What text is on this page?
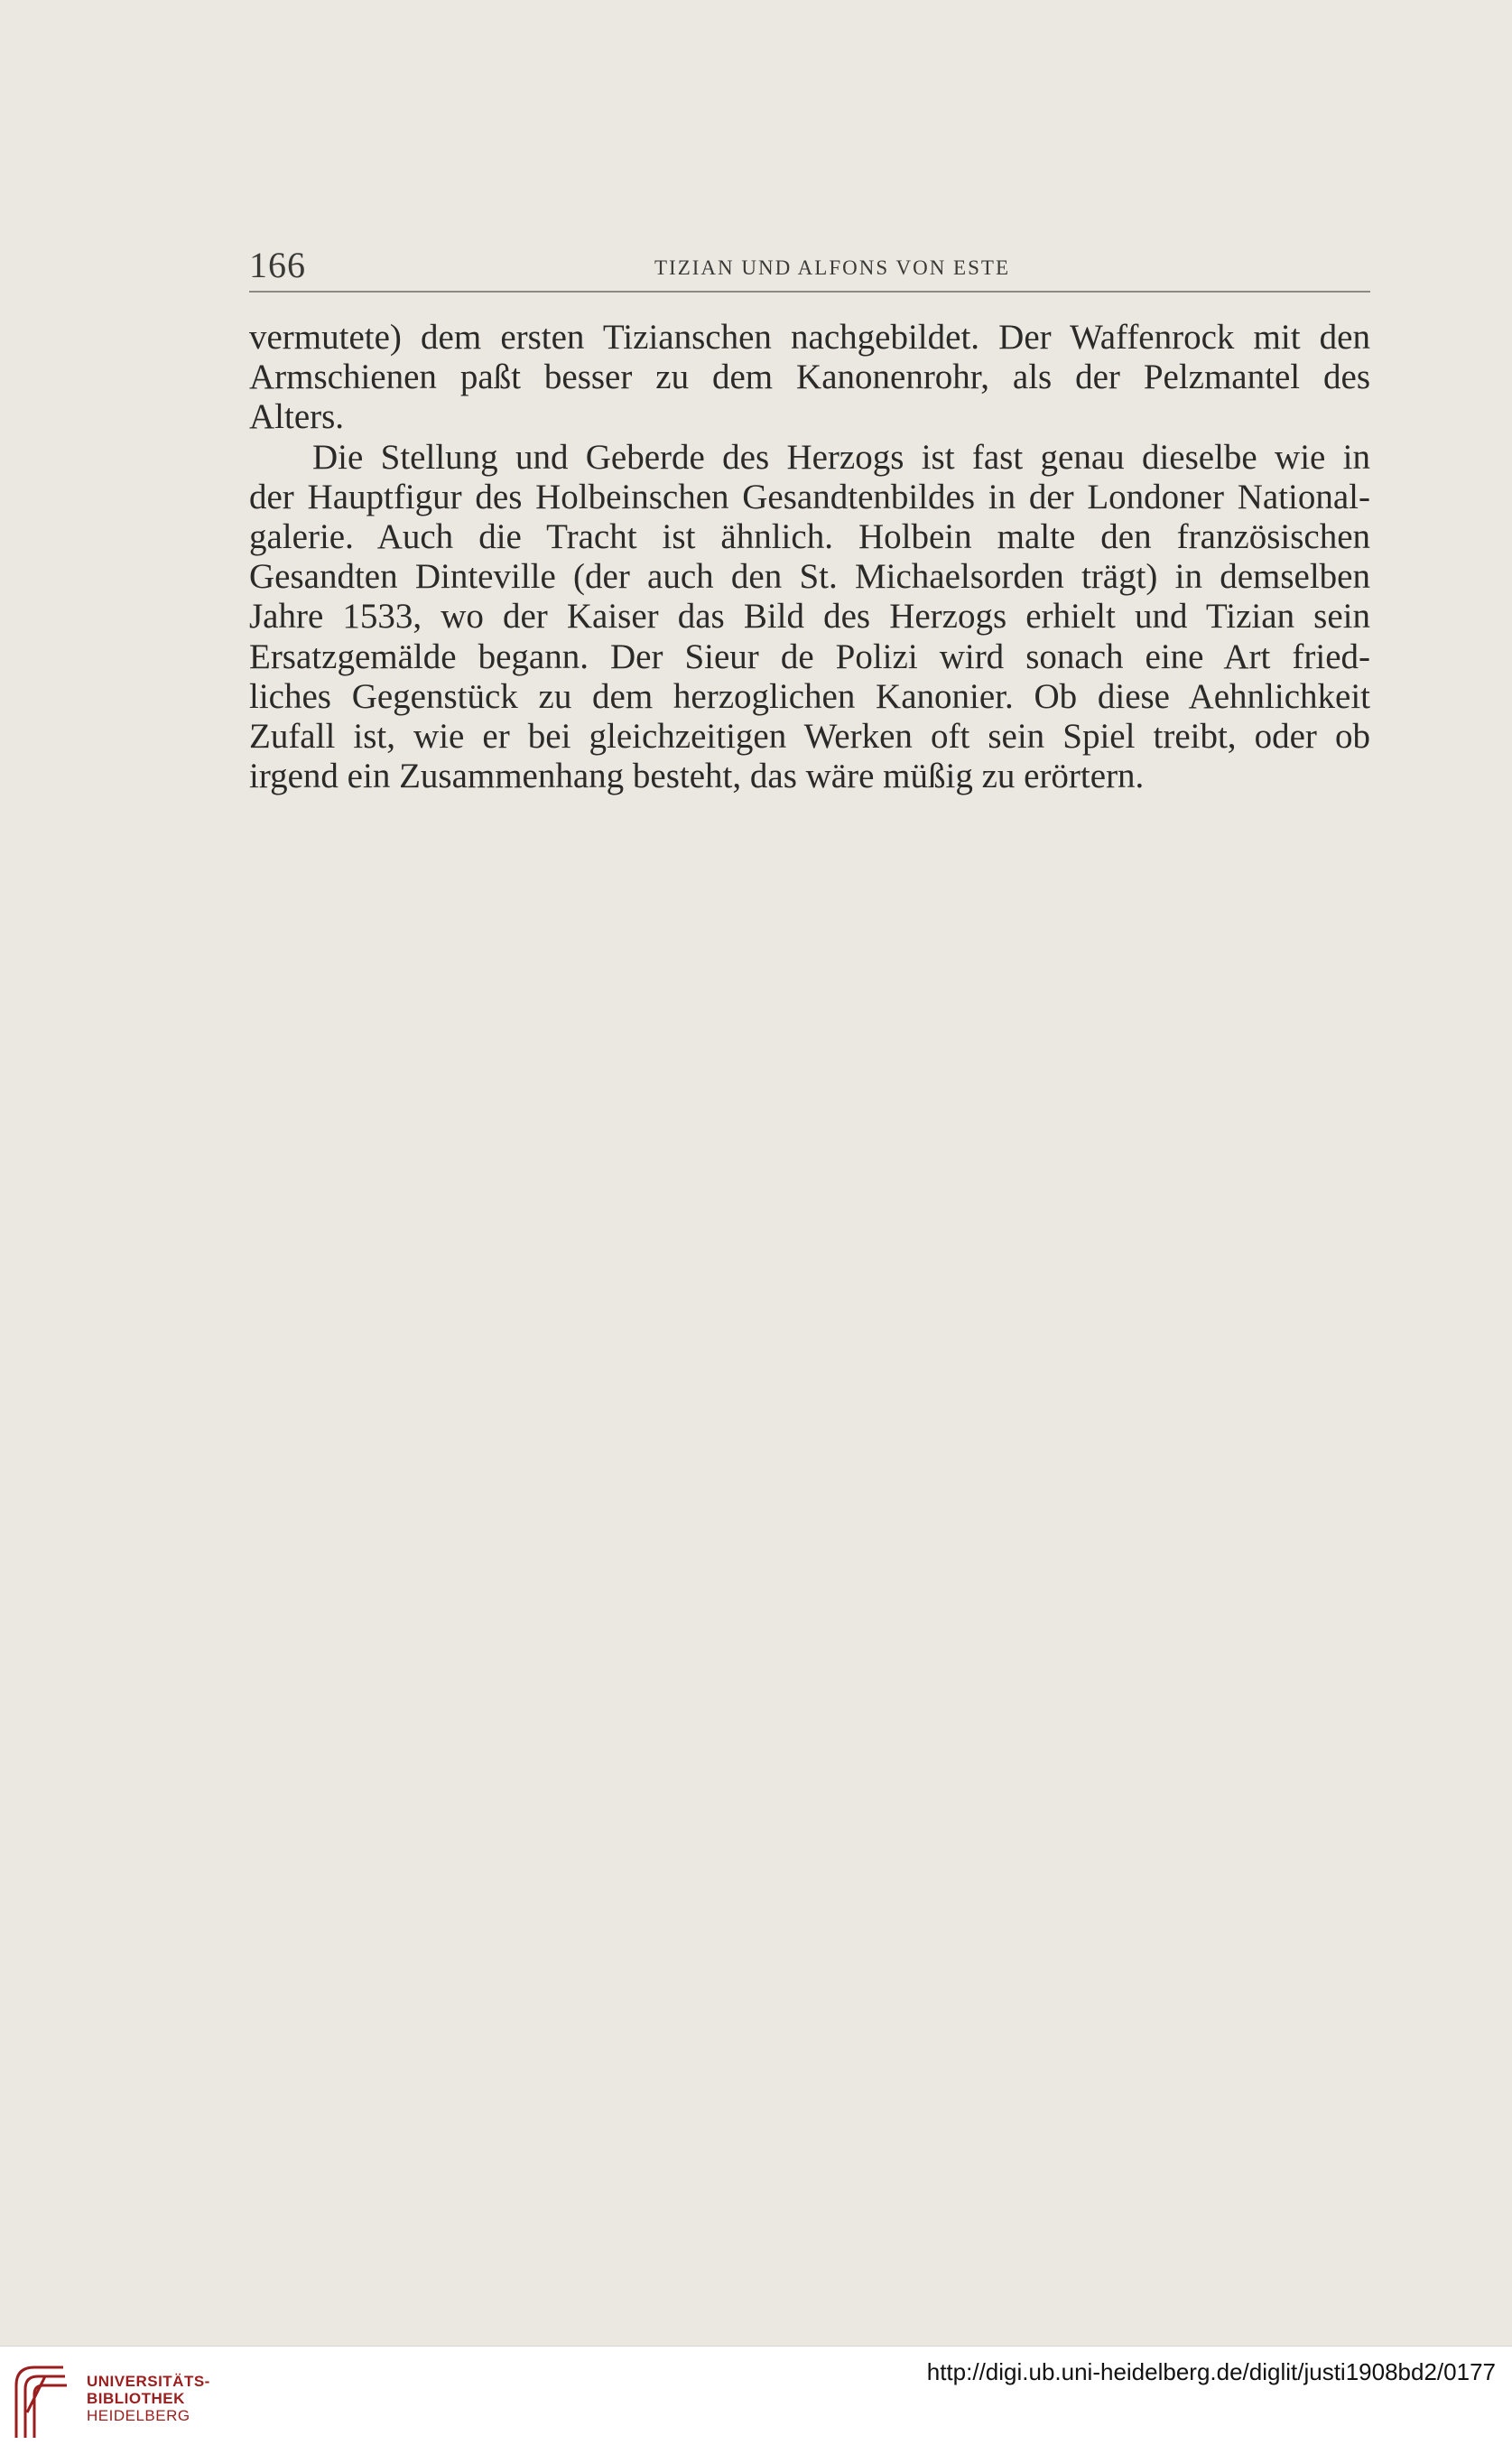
166	TIZIAN UND ALFONS VON ESTE
vermutete) dem ersten Tizianschen nachgebildet. Der Waffenrock mit den
Armschienen paßt besser zu dem Kanonenrohr, als der Pelzmantel des
Alters.
Die Stellung und Geberde des Herzogs ist fast genau dieselbe wie in
der Hauptfigur des Holbeinschen Gesandtenbildes in der Londoner National-
galerie. Auch die Tracht ist ähnlich. Holbein malte den französischen
Gesandten Dinteville (der auch den St. Michaelsorden trägt) in demselben
Jahre 1533, wo der Kaiser das Bild des Herzogs erhielt und Tizian sein
Ersatzgemälde begann. Der Sieur de Polizi wird sonach eine Art fried-
liches Gegenstück zu dem herzoglichen Kanonier. Ob diese Aehnlichkeit
Zufall ist, wie er bei gleichzeitigen Werken oft sein Spiel treibt, oder ob
irgend ein Zusammenhang besteht, das wäre müßig zu erörtern.
UNIVERSITÄTS-
BIBLIOTHEK
HEIDELBERG
http://digi.ub.uni-heidelberg.de/diglit/justi1908bd2/0177
